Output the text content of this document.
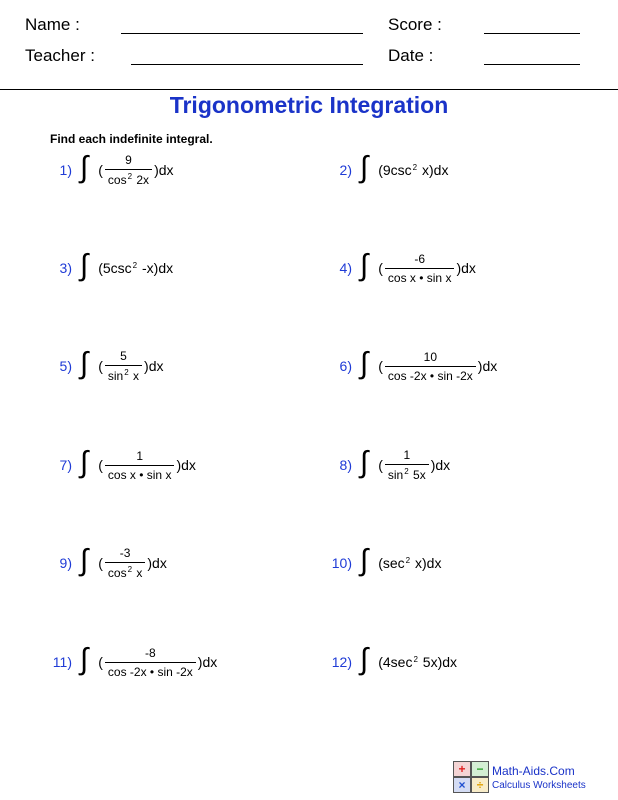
Name :	Score :
Teacher :	Date :
Trigonometric Integration
Find each indefinite integral.
1) ∫ ( $\frac{9}{\cos^2 2x} )dx$	2) ∫ ($9\csc^2$ x)dx
3) ∫ ($5\csc^2$ -x)dx	4) ∫ ( $\frac{-6}{\text{cos x • sin x}} )dx$
5) ∫ ( $\frac{5}{\sin^2 x} )dx$	6) ∫ ( $\frac{10}{\cos -2x • \sin -2x} )dx$
7) ∫ ( $\frac{1}{\text{cos x • sin x}} )dx$	8) ∫ ( $\frac{1}{\sin^2 5x} )dx$
9) ∫ ( $\frac{-3}{\cos^2 x} )dx$	10) ∫ ($\sec^2$ x)dx
11) ∫ ( $\frac{-8}{\cos -2x • \sin -2x} )dx$	12) ∫ ($4\sec^2$ 5x)dx
+ −
× ÷
Math-Aids.Com
Calculus Worksheets
